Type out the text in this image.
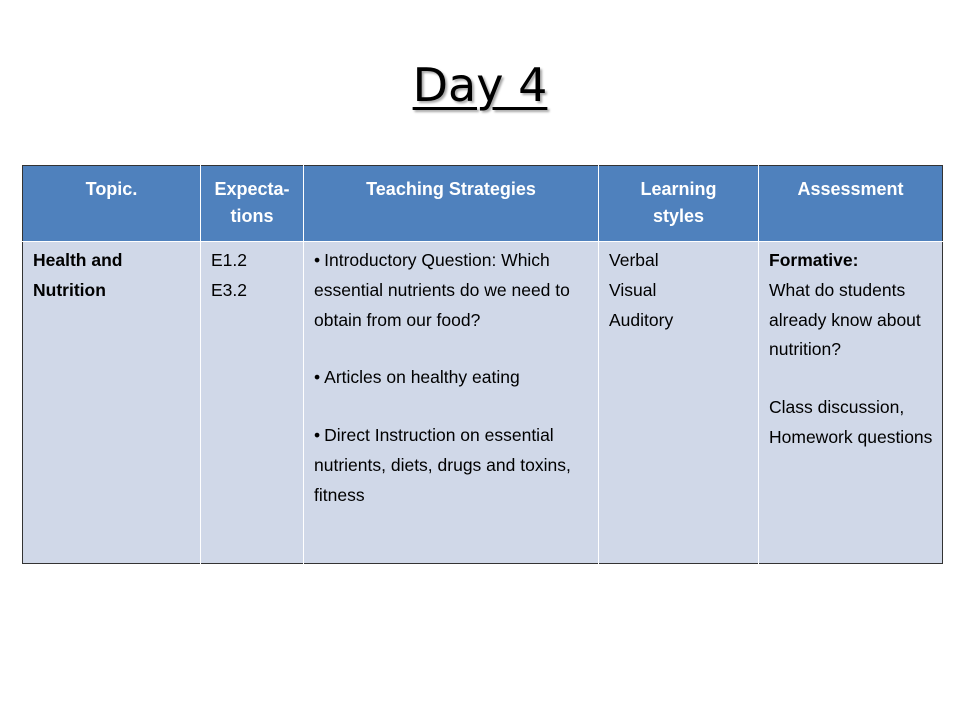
Day 4
Topic.	Expecta-
tions	Teaching Strategies	Learning
styles	Assessment

Health and
Nutrition	E1.2
E3.2	• Introductory Question: Which essential nutrients do we need to obtain from our food?
• Articles on healthy eating
• Direct Instruction on essential nutrients, diets, drugs and toxins, fitness	Verbal
Visual
Auditory	Formative:
What do students already know about nutrition?
Class discussion, Homework questions
